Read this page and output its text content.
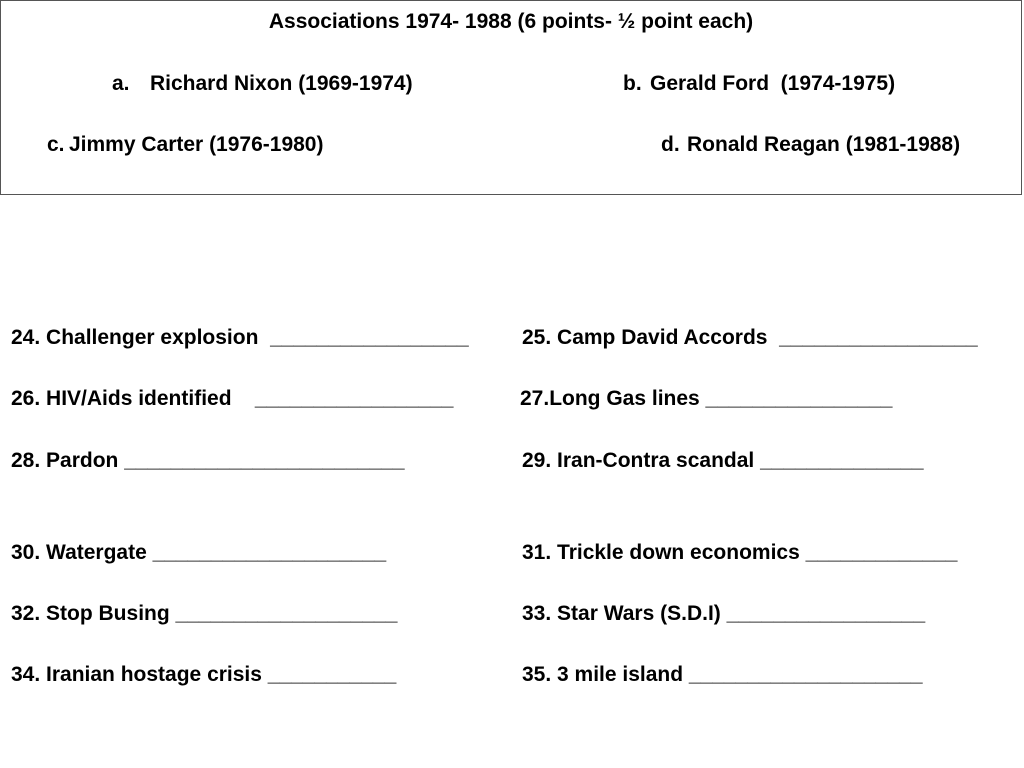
Associations 1974- 1988 (6 points- ½ point each)
a. Richard Nixon (1969-1974)	b. Gerald Ford  (1974-1975)
c. Jimmy Carter (1976-1980)	d. Ronald Reagan (1981-1988)
24. Challenger explosion  _________________	25. Camp David Accords  _________________
26. HIV/Aids identified    _________________	27.Long Gas lines ________________
28. Pardon ________________________	29. Iran-Contra scandal ______________
30. Watergate ____________________	31. Trickle down economics _____________
32. Stop Busing ___________________	33. Star Wars (S.D.I) _________________
34. Iranian hostage crisis ___________	35. 3 mile island ____________________
